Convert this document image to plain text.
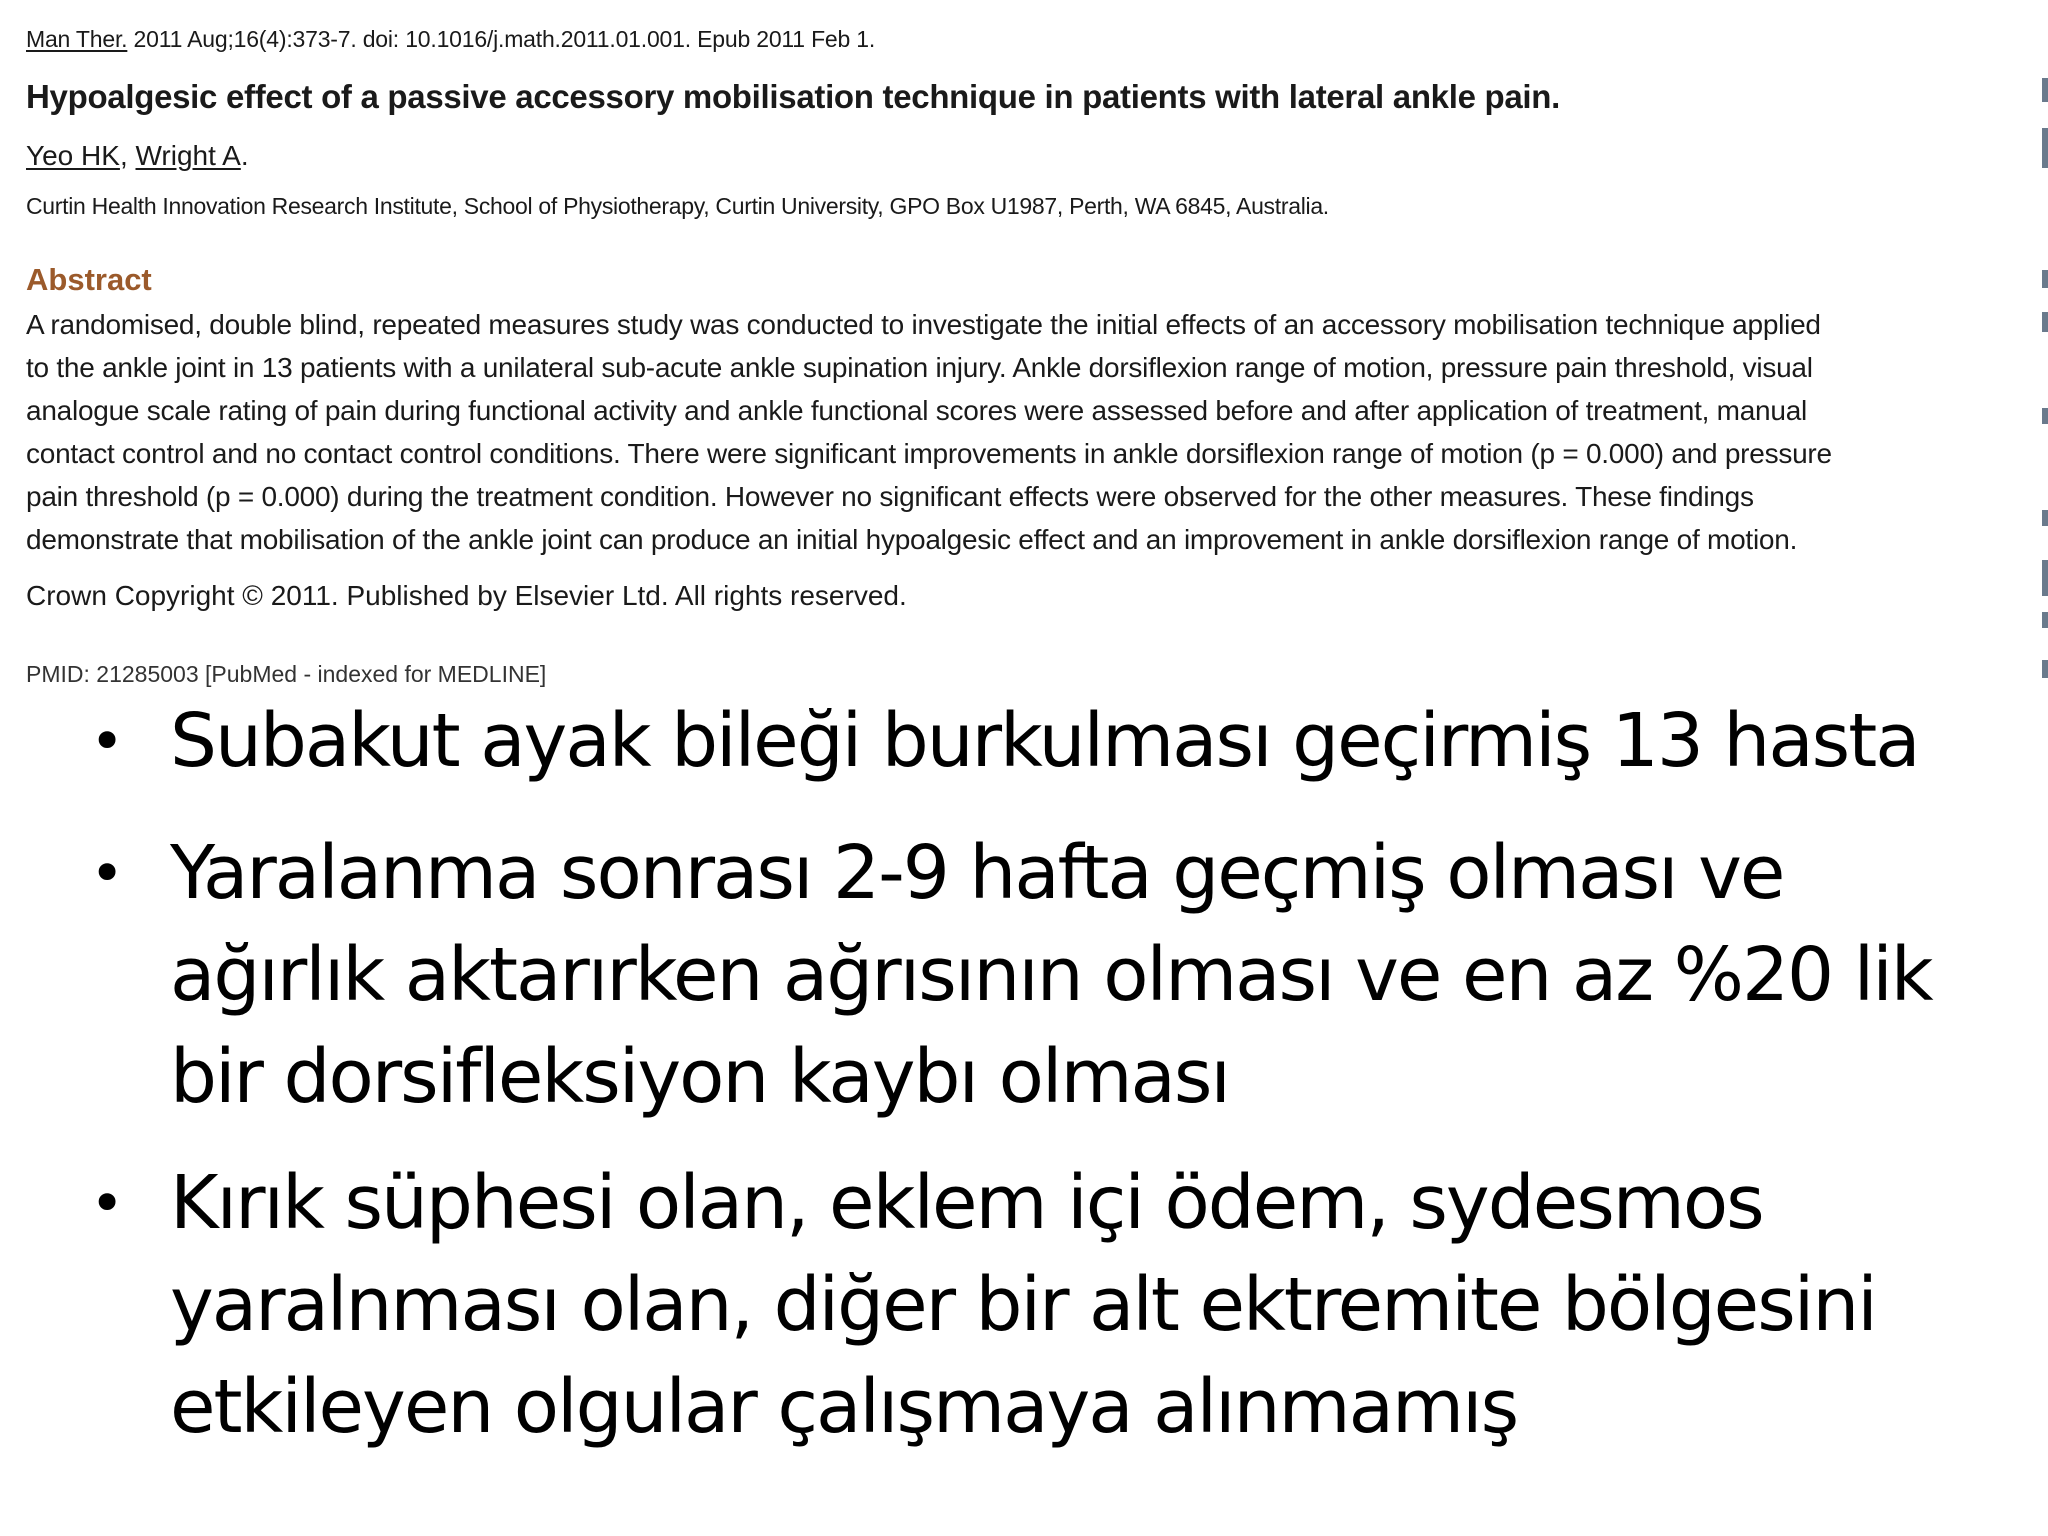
Man Ther. 2011 Aug;16(4):373-7. doi: 10.1016/j.math.2011.01.001. Epub 2011 Feb 1.
Hypoalgesic effect of a passive accessory mobilisation technique in patients with lateral ankle pain.
Yeo HK, Wright A.
Curtin Health Innovation Research Institute, School of Physiotherapy, Curtin University, GPO Box U1987, Perth, WA 6845, Australia.
Abstract
A randomised, double blind, repeated measures study was conducted to investigate the initial effects of an accessory mobilisation technique applied
to the ankle joint in 13 patients with a unilateral sub-acute ankle supination injury. Ankle dorsiflexion range of motion, pressure pain threshold, visual
analogue scale rating of pain during functional activity and ankle functional scores were assessed before and after application of treatment, manual
contact control and no contact control conditions. There were significant improvements in ankle dorsiflexion range of motion (p = 0.000) and pressure
pain threshold (p = 0.000) during the treatment condition. However no significant effects were observed for the other measures. These findings
demonstrate that mobilisation of the ankle joint can produce an initial hypoalgesic effect and an improvement in ankle dorsiflexion range of motion.
Crown Copyright © 2011. Published by Elsevier Ltd. All rights reserved.
PMID: 21285003 [PubMed - indexed for MEDLINE]
• Subakut ayak bileği burkulması geçirmiş 13 hasta
• Yaralanma sonrası 2-9 hafta geçmiş olması ve
ağırlık aktarırken ağrısının olması ve en az %20 lik
bir dorsifleksiyon kaybı olması
• Kırık süphesi olan, eklem içi ödem, sydesmos
yaralnması olan, diğer bir alt ektremite bölgesini
etkileyen olgular çalışmaya alınmamış
